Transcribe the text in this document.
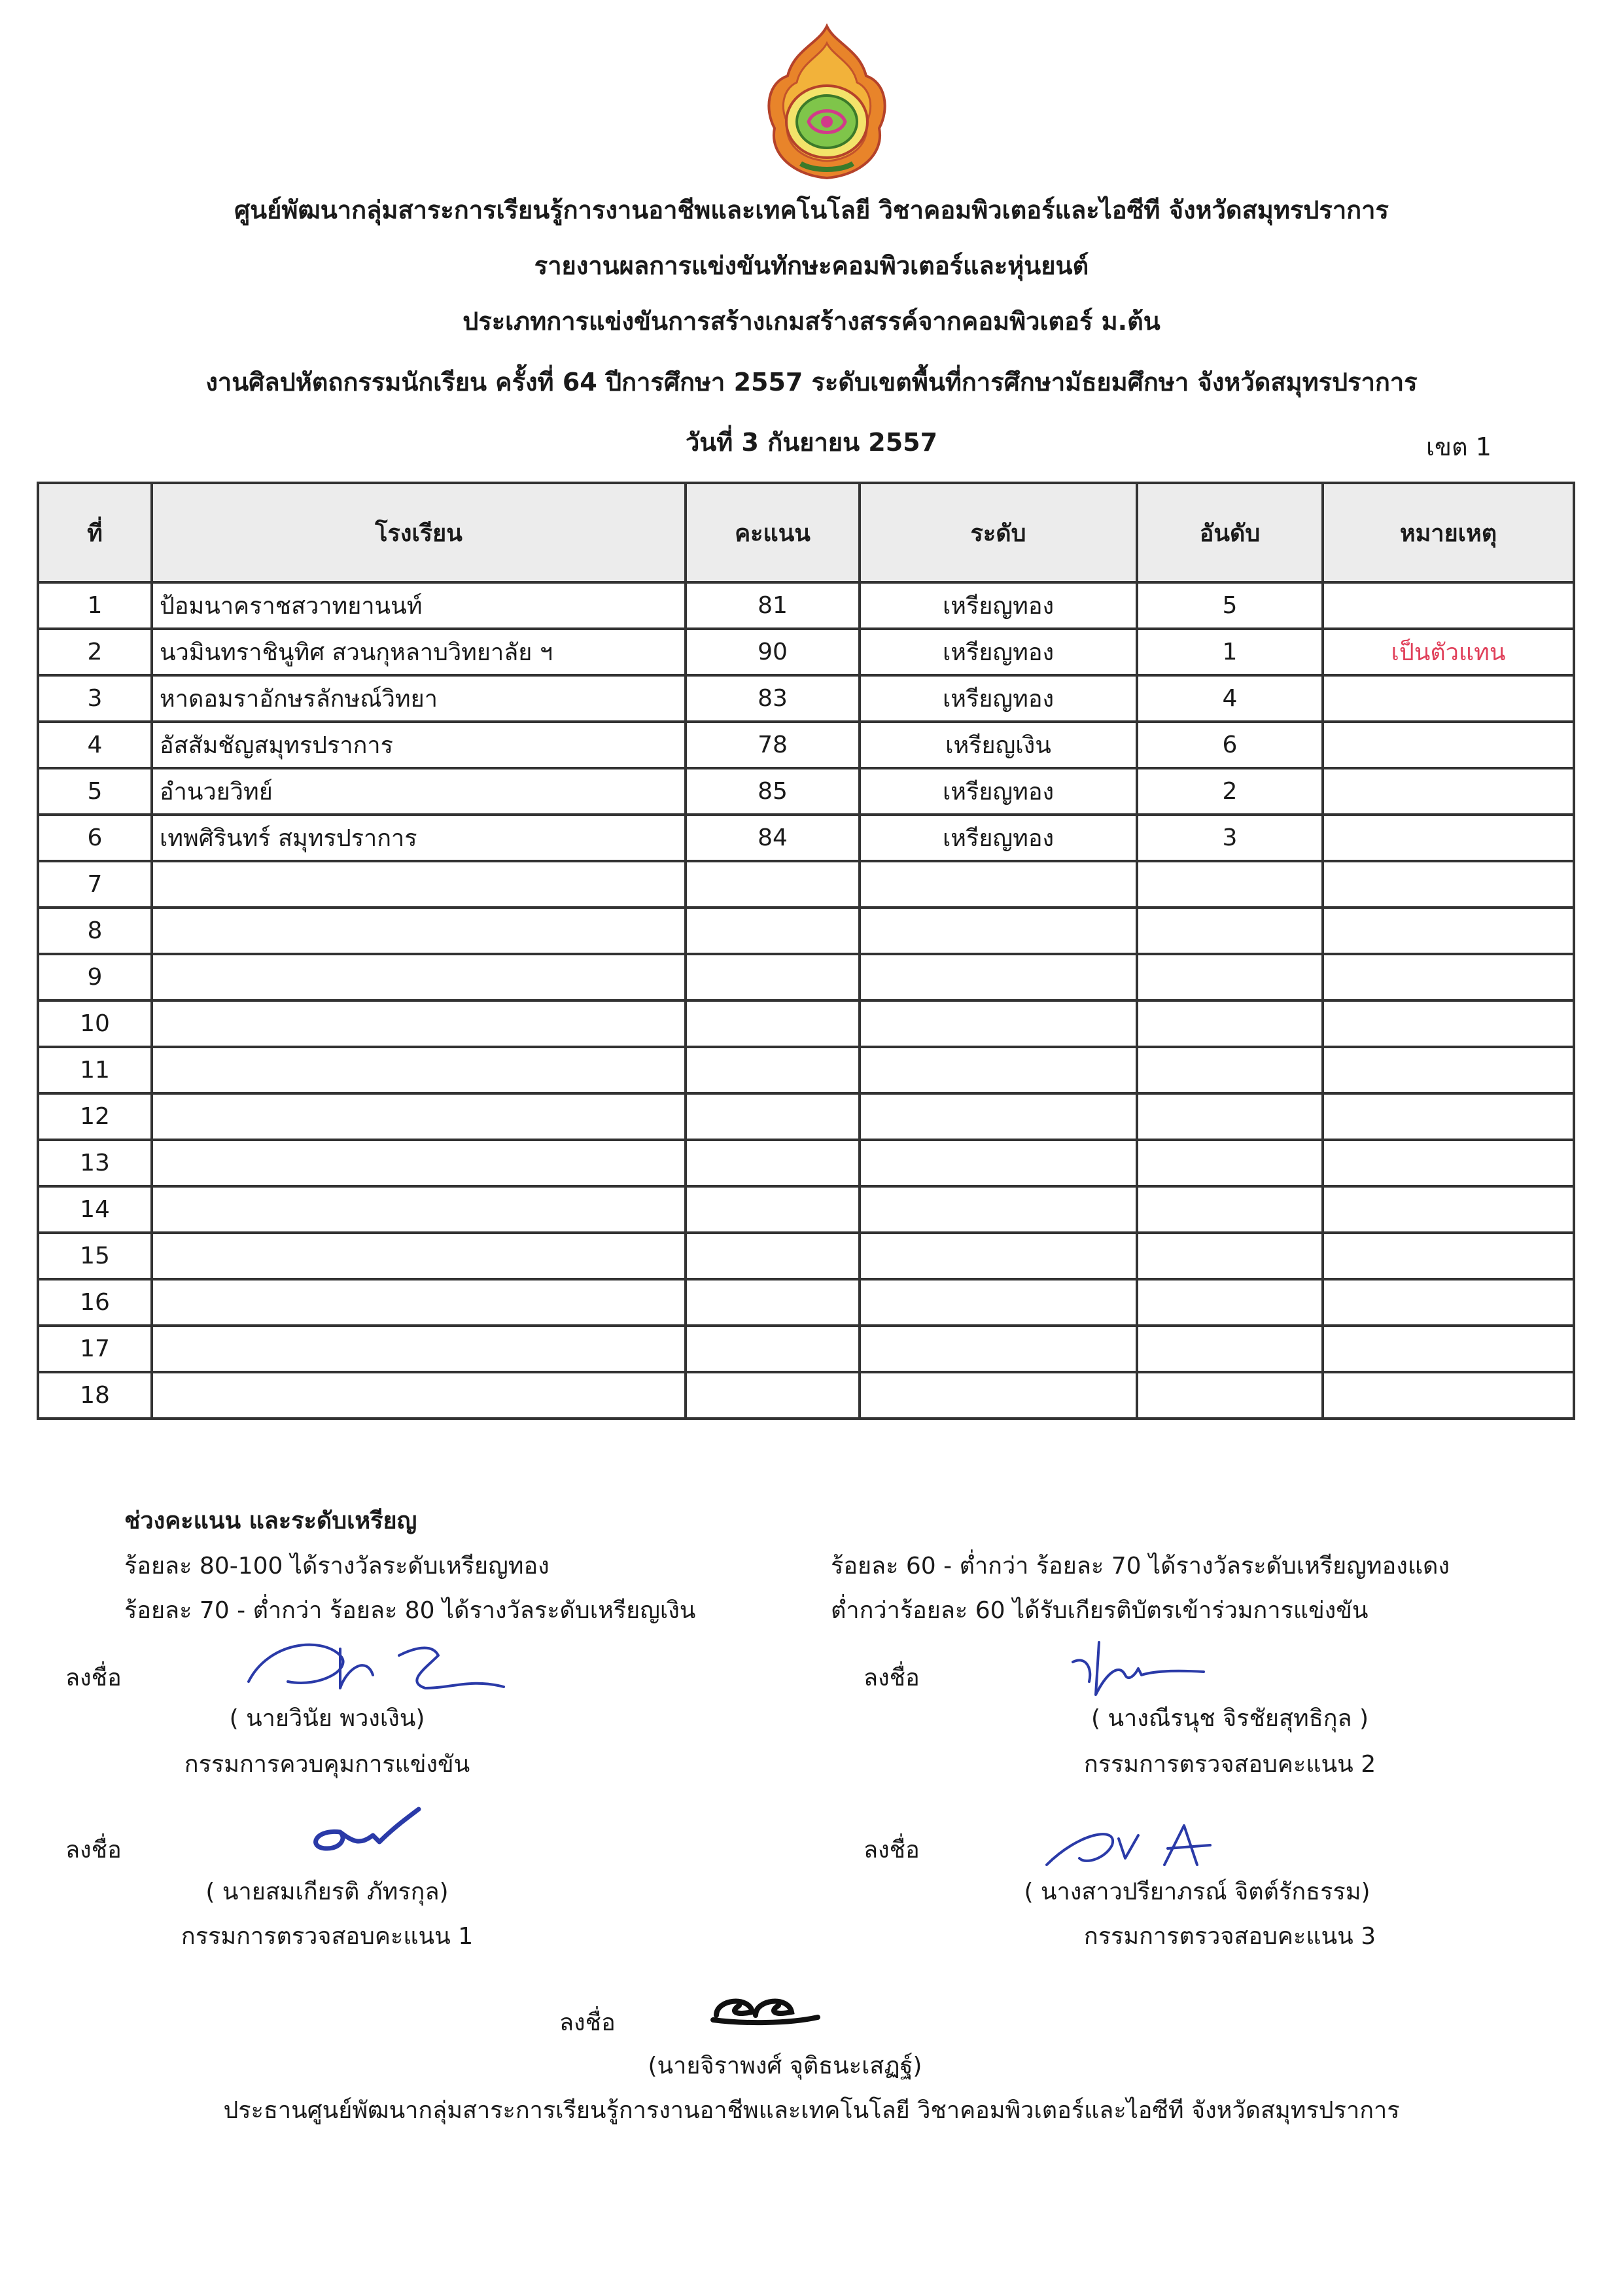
ศูนย์พัฒนากลุ่มสาระการเรียนรู้การงานอาชีพและเทคโนโลยี วิชาคอมพิวเตอร์และไอซีที จังหวัดสมุทรปราการ
รายงานผลการแข่งขันทักษะคอมพิวเตอร์และหุ่นยนต์
ประเภทการแข่งขันการสร้างเกมสร้างสรรค์จากคอมพิวเตอร์ ม.ต้น
งานศิลปหัตถกรรมนักเรียน ครั้งที่ 64 ปีการศึกษา 2557 ระดับเขตพื้นที่การศึกษามัธยมศึกษา จังหวัดสมุทรปราการ
วันที่ 3 กันยายน 2557	เขต 1
ที่	โรงเรียน	คะแนน	ระดับ	อันดับ	หมายเหตุ
1	ป้อมนาคราชสวาทยานนท์	81	เหรียญทอง	5	
2	นวมินทราชินูทิศ สวนกุหลาบวิทยาลัย ฯ	90	เหรียญทอง	1	เป็นตัวแทน
3	หาดอมราอักษรลักษณ์วิทยา	83	เหรียญทอง	4	
4	อัสสัมชัญสมุทรปราการ	78	เหรียญเงิน	6	
5	อำนวยวิทย์	85	เหรียญทอง	2	
6	เทพศิรินทร์ สมุทรปราการ	84	เหรียญทอง	3	
7					
8					
9					
10					
11					
12					
13					
14					
15					
16					
17					
18					
ช่วงคะแนน และระดับเหรียญ
ร้อยละ 80-100 ได้รางวัลระดับเหรียญทอง
ร้อยละ 70 - ต่ำกว่า ร้อยละ 80 ได้รางวัลระดับเหรียญเงิน
ร้อยละ 60 - ต่ำกว่า ร้อยละ 70 ได้รางวัลระดับเหรียญทองแดง
ต่ำกว่าร้อยละ 60 ได้รับเกียรติบัตรเข้าร่วมการแข่งขัน
ลงชื่อ
( นายวินัย พวงเงิน)
กรรมการควบคุมการแข่งขัน
ลงชื่อ
( นางณีรนุช จิรชัยสุทธิกุล )
กรรมการตรวจสอบคะแนน 2
ลงชื่อ
( นายสมเกียรติ ภัทรกุล)
กรรมการตรวจสอบคะแนน 1
ลงชื่อ
( นางสาวปรียาภรณ์ จิตต์รักธรรม)
กรรมการตรวจสอบคะแนน 3
ลงชื่อ
(นายจิราพงศ์ จุติธนะเสฏฐ์)
ประธานศูนย์พัฒนากลุ่มสาระการเรียนรู้การงานอาชีพและเทคโนโลยี วิชาคอมพิวเตอร์และไอซีที จังหวัดสมุทรปราการ
